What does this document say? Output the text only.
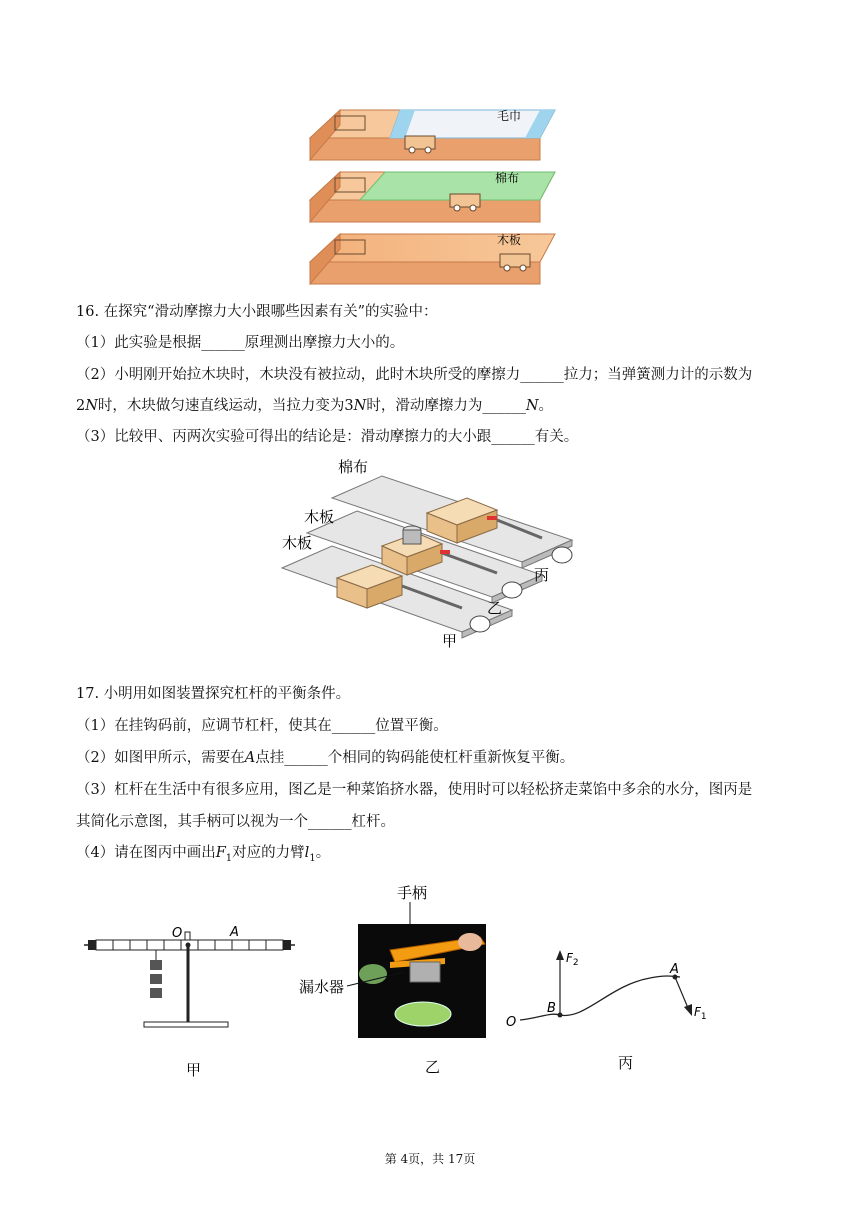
毛巾
棉布
木板
16. 在探究“滑动摩擦力大小跟哪些因素有关”的实验中：
（1）此实验是根据______原理测出摩擦力大小的。
（2）小明刚开始拉木块时，木块没有被拉动，此时木块所受的摩擦力______拉力；当弹簧测力计的示数为
2N时，木块做匀速直线运动，当拉力变为3N时，滑动摩擦力为______N。
（3）比较甲、丙两次实验可得出的结论是：滑动摩擦力的大小跟______有关。
棉布
木板
木板
丙
乙
甲
17. 小明用如图装置探究杠杆的平衡条件。
（1）在挂钩码前，应调节杠杆，使其在______位置平衡。
（2）如图甲所示，需要在A点挂______个相同的钩码能使杠杆重新恢复平衡。
（3）杠杆在生活中有很多应用，图乙是一种菜馅挤水器，使用时可以轻松挤走菜馅中多余的水分，图丙是
其简化示意图，其手柄可以视为一个______杠杆。
（4）请在图丙中画出$F_1$对应的力臂$l_1$。
O	A
甲
手柄
漏水器
乙
O
B
A
$F_2$
$F_1$
丙
第 4页，共 17页
